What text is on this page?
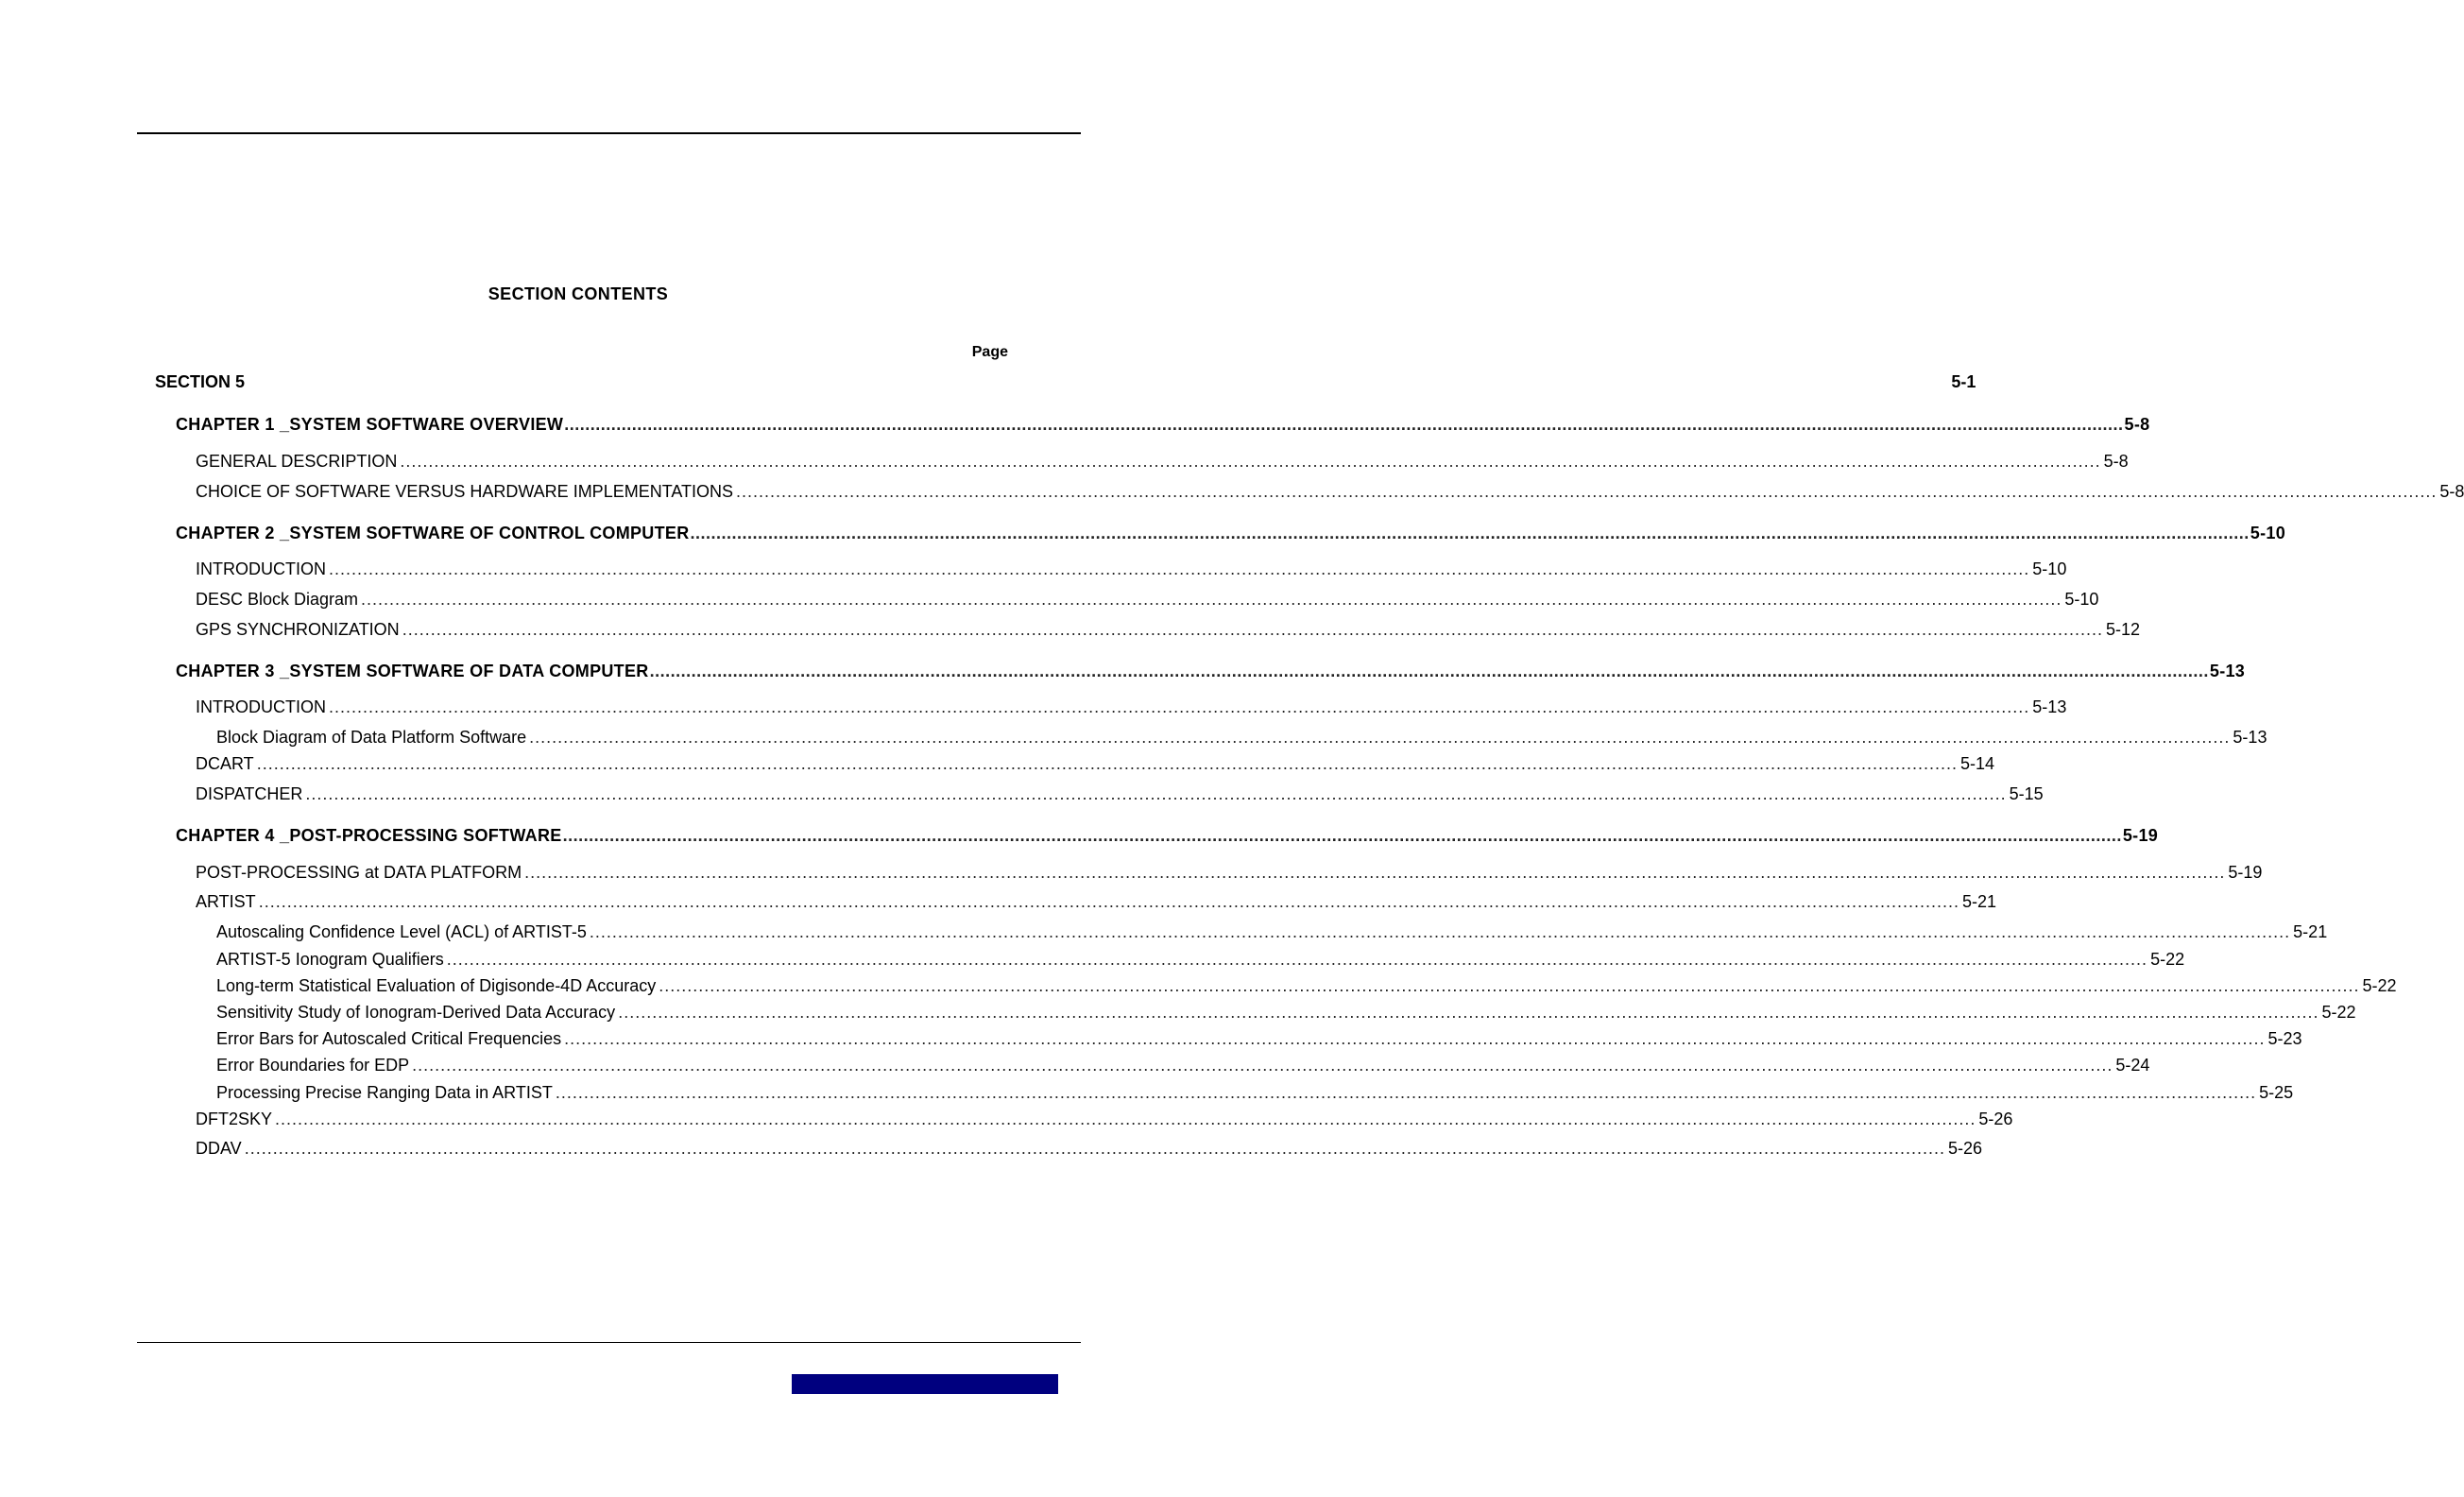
SECTION CONTENTS
Page
SECTION 5	5-1
CHAPTER 1 _SYSTEM SOFTWARE OVERVIEW ............................................................................................................................................................................................................................................................................................................ 5-8
GENERAL DESCRIPTION ............................................................................................................................................................................................................................................................................................................ 5-8
CHOICE OF SOFTWARE VERSUS HARDWARE IMPLEMENTATIONS ............................................................................................................................................................................................................................................................................................................ 5-8
CHAPTER 2 _SYSTEM SOFTWARE OF CONTROL COMPUTER ............................................................................................................................................................................................................................................................................................................ 5-10
INTRODUCTION ............................................................................................................................................................................................................................................................................................................ 5-10
DESC Block Diagram ............................................................................................................................................................................................................................................................................................................ 5-10
GPS SYNCHRONIZATION ............................................................................................................................................................................................................................................................................................................ 5-12
CHAPTER 3 _SYSTEM SOFTWARE OF DATA COMPUTER ............................................................................................................................................................................................................................................................................................................ 5-13
INTRODUCTION ............................................................................................................................................................................................................................................................................................................ 5-13
Block Diagram of Data Platform Software ............................................................................................................................................................................................................................................................................................................ 5-13
DCART ............................................................................................................................................................................................................................................................................................................ 5-14
DISPATCHER ............................................................................................................................................................................................................................................................................................................ 5-15
CHAPTER 4 _POST-PROCESSING SOFTWARE ............................................................................................................................................................................................................................................................................................................ 5-19
POST-PROCESSING at DATA PLATFORM ............................................................................................................................................................................................................................................................................................................ 5-19
ARTIST ............................................................................................................................................................................................................................................................................................................ 5-21
Autoscaling Confidence Level (ACL) of ARTIST-5 ............................................................................................................................................................................................................................................................................................................ 5-21
ARTIST-5 Ionogram Qualifiers ............................................................................................................................................................................................................................................................................................................ 5-22
Long-term Statistical Evaluation of Digisonde-4D Accuracy ............................................................................................................................................................................................................................................................................................................ 5-22
Sensitivity Study of Ionogram-Derived Data Accuracy ............................................................................................................................................................................................................................................................................................................ 5-22
Error Bars for Autoscaled Critical Frequencies ............................................................................................................................................................................................................................................................................................................ 5-23
Error Boundaries for EDP ............................................................................................................................................................................................................................................................................................................ 5-24
Processing Precise Ranging Data in ARTIST ............................................................................................................................................................................................................................................................................................................ 5-25
DFT2SKY ............................................................................................................................................................................................................................................................................................................ 5-26
DDAV ............................................................................................................................................................................................................................................................................................................ 5-26
